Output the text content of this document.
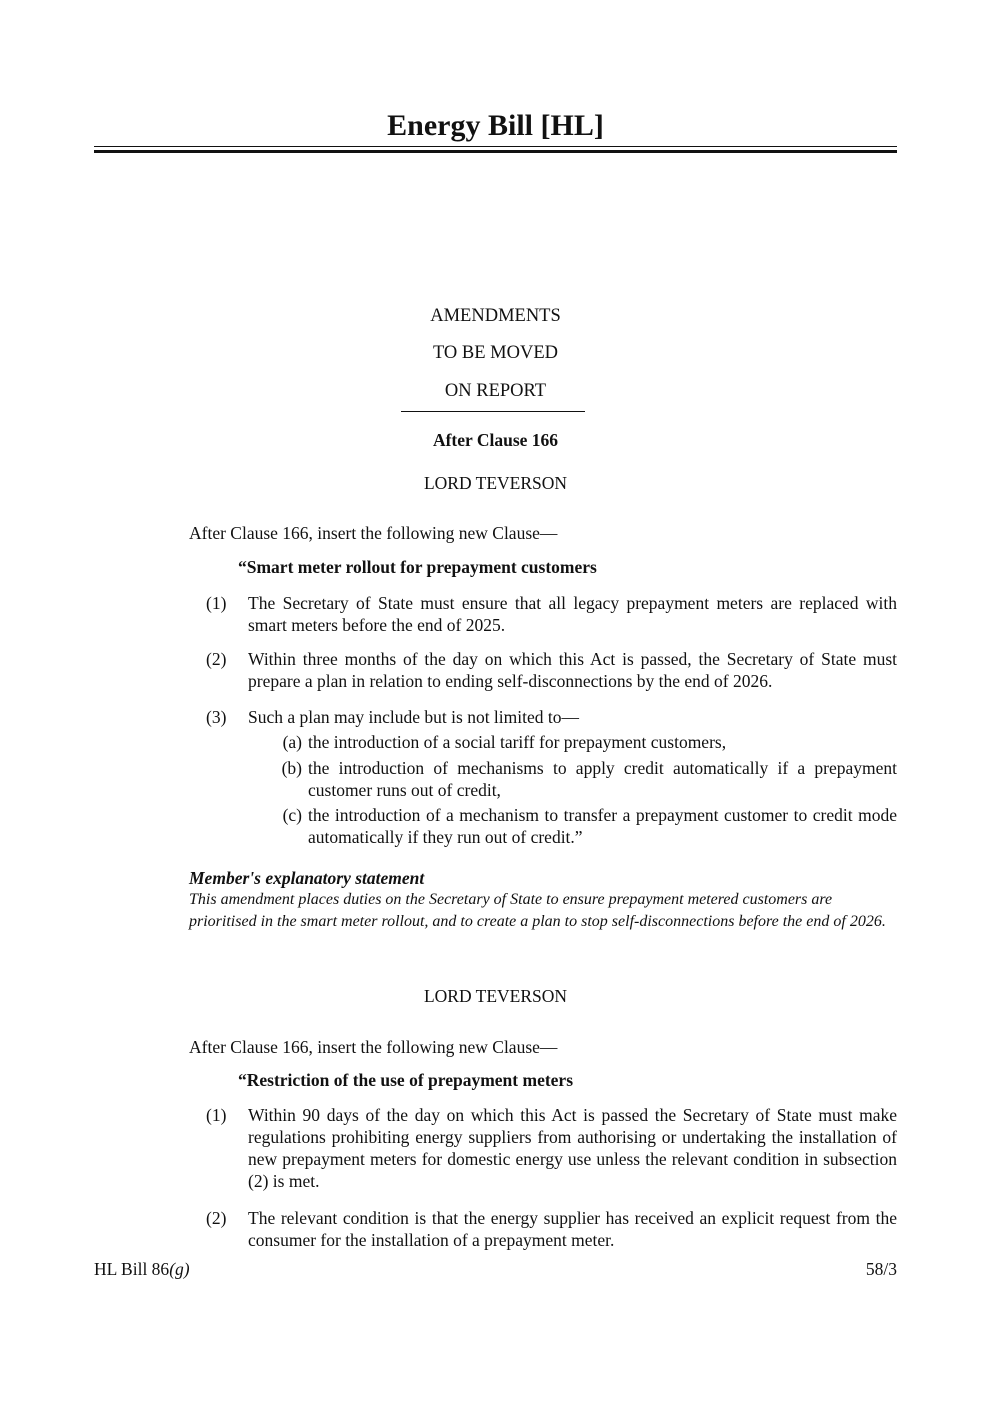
Energy Bill [HL]
AMENDMENTS
TO BE MOVED
ON REPORT
After Clause 166
LORD TEVERSON
After Clause 166, insert the following new Clause—
“Smart meter rollout for prepayment customers
(1)	The Secretary of State must ensure that all legacy prepayment meters are replaced with smart meters before the end of 2025.
(2)	Within three months of the day on which this Act is passed, the Secretary of State must prepare a plan in relation to ending self-disconnections by the end of 2026.
(3)	Such a plan may include but is not limited to—
(a) the introduction of a social tariff for prepayment customers,
(b) the introduction of mechanisms to apply credit automatically if a prepayment customer runs out of credit,
(c) the introduction of a mechanism to transfer a prepayment customer to credit mode automatically if they run out of credit.”
Member's explanatory statement
This amendment places duties on the Secretary of State to ensure prepayment metered customers are prioritised in the smart meter rollout, and to create a plan to stop self-disconnections before the end of 2026.
LORD TEVERSON
After Clause 166, insert the following new Clause—
“Restriction of the use of prepayment meters
(1)	Within 90 days of the day on which this Act is passed the Secretary of State must make regulations prohibiting energy suppliers from authorising or undertaking the installation of new prepayment meters for domestic energy use unless the relevant condition in subsection (2) is met.
(2)	The relevant condition is that the energy supplier has received an explicit request from the consumer for the installation of a prepayment meter.
HL Bill 86(g)	58/3
